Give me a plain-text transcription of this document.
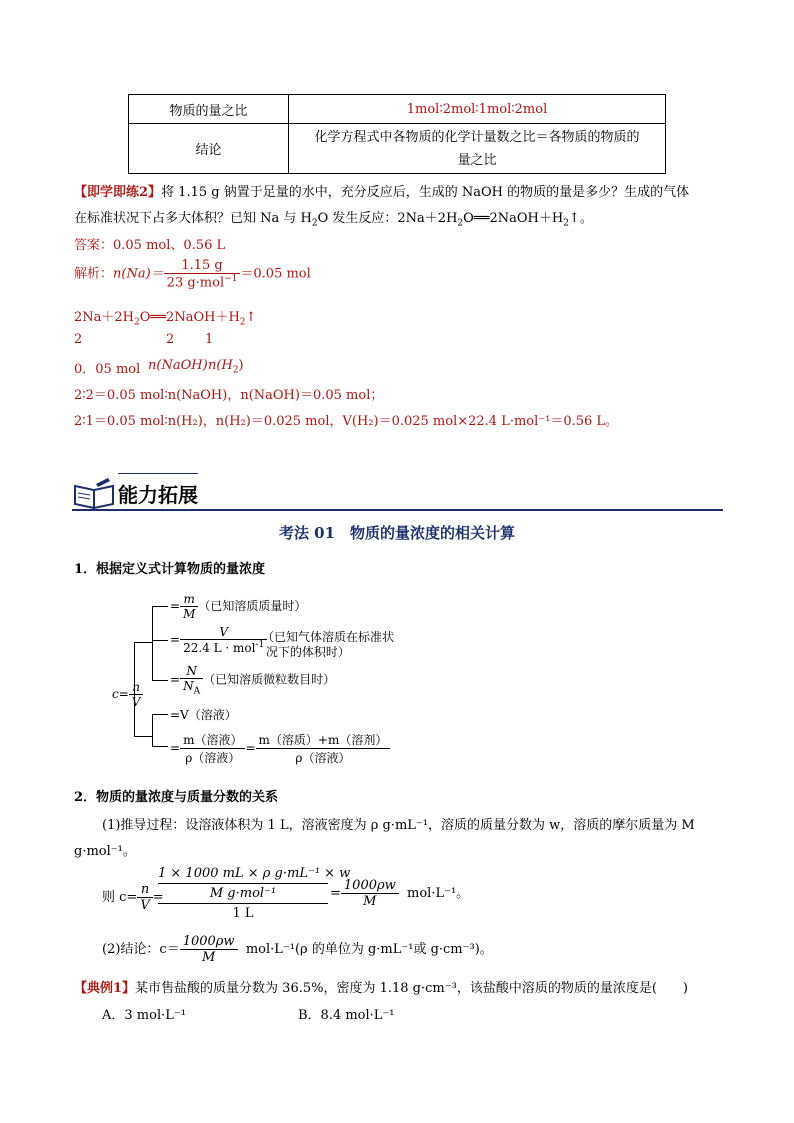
物质的量之比	1mol∶2mol∶1mol∶2mol
结论	化学方程式中各物质的化学计量数之比＝各物质的物质的
量之比
【即学即练2】将 1.15 g 钠置于足量的水中，充分反应后，生成的 NaOH 的物质的量是多少？生成的气体
在标准状况下占多大体积？已知 Na 与 $H_2O$ 发生反应：$2Na+2H_2O══2NaOH+H_2↑$。
答案：0.05 mol、0.56 L
解析：$n(Na)= \frac{1.15 g}{23 g\cdot mol^{-1}} =0.05$ mol
$2Na+2H_2O══2NaOH+H_2↑$
2	2 1
0．05 mol n(NaOH) $n(H_2)$
2∶2＝0.05 mol∶n(NaOH)，n(NaOH)＝0.05 mol；
2∶1＝0.05 mol∶n(H₂)，n(H₂)＝0.025 mol，V(H₂)＝0.025 mol×22.4 L·mol⁻¹＝0.56 L。
能力拓展
考法 01　物质的量浓度的相关计算
1．根据定义式计算物质的量浓度
$c= \frac{n}{V}$
= $\frac{m}{M}$ （已知溶质质量时）
= $\frac{V}{22.4 L \cdot mol^{-1}}$
（已知气体溶质在标准状
况下的体积时）
= $\frac{N}{N_A}$ （已知溶质微粒数目时）
=V（溶液）
= $\frac{\text{m（溶液）}}{\text{ρ（溶液）}} = \frac{\text{m（溶质）+m（溶剂）}}{\text{ρ（溶液）}}$
2．物质的量浓度与质量分数的关系
(1)推导过程：设溶液体积为 1 L，溶液密度为 ρ g·mL⁻¹，溶质的质量分数为 w，溶质的摩尔质量为 M
g·mol⁻¹。
则 $c= \frac{n}{V}$ =
1 × 1000 mL × ρ g·mL⁻¹ × w
M g·mol⁻¹
1 L
= $\frac{1000\rho w}{M} mol\cdot L^{-1}$。
(2)结论：$c= \frac{1000\rho w}{M} mol\cdot L^{-1}(\rho$ 的单位为 g·mL⁻¹或 g·cm⁻³)。
【典例1】某市售盐酸的质量分数为 36.5%，密度为 1.18 g·cm⁻³，该盐酸中溶质的物质的量浓度是(　　)
A．3 mol·L⁻¹	B．8.4 mol·L⁻¹
